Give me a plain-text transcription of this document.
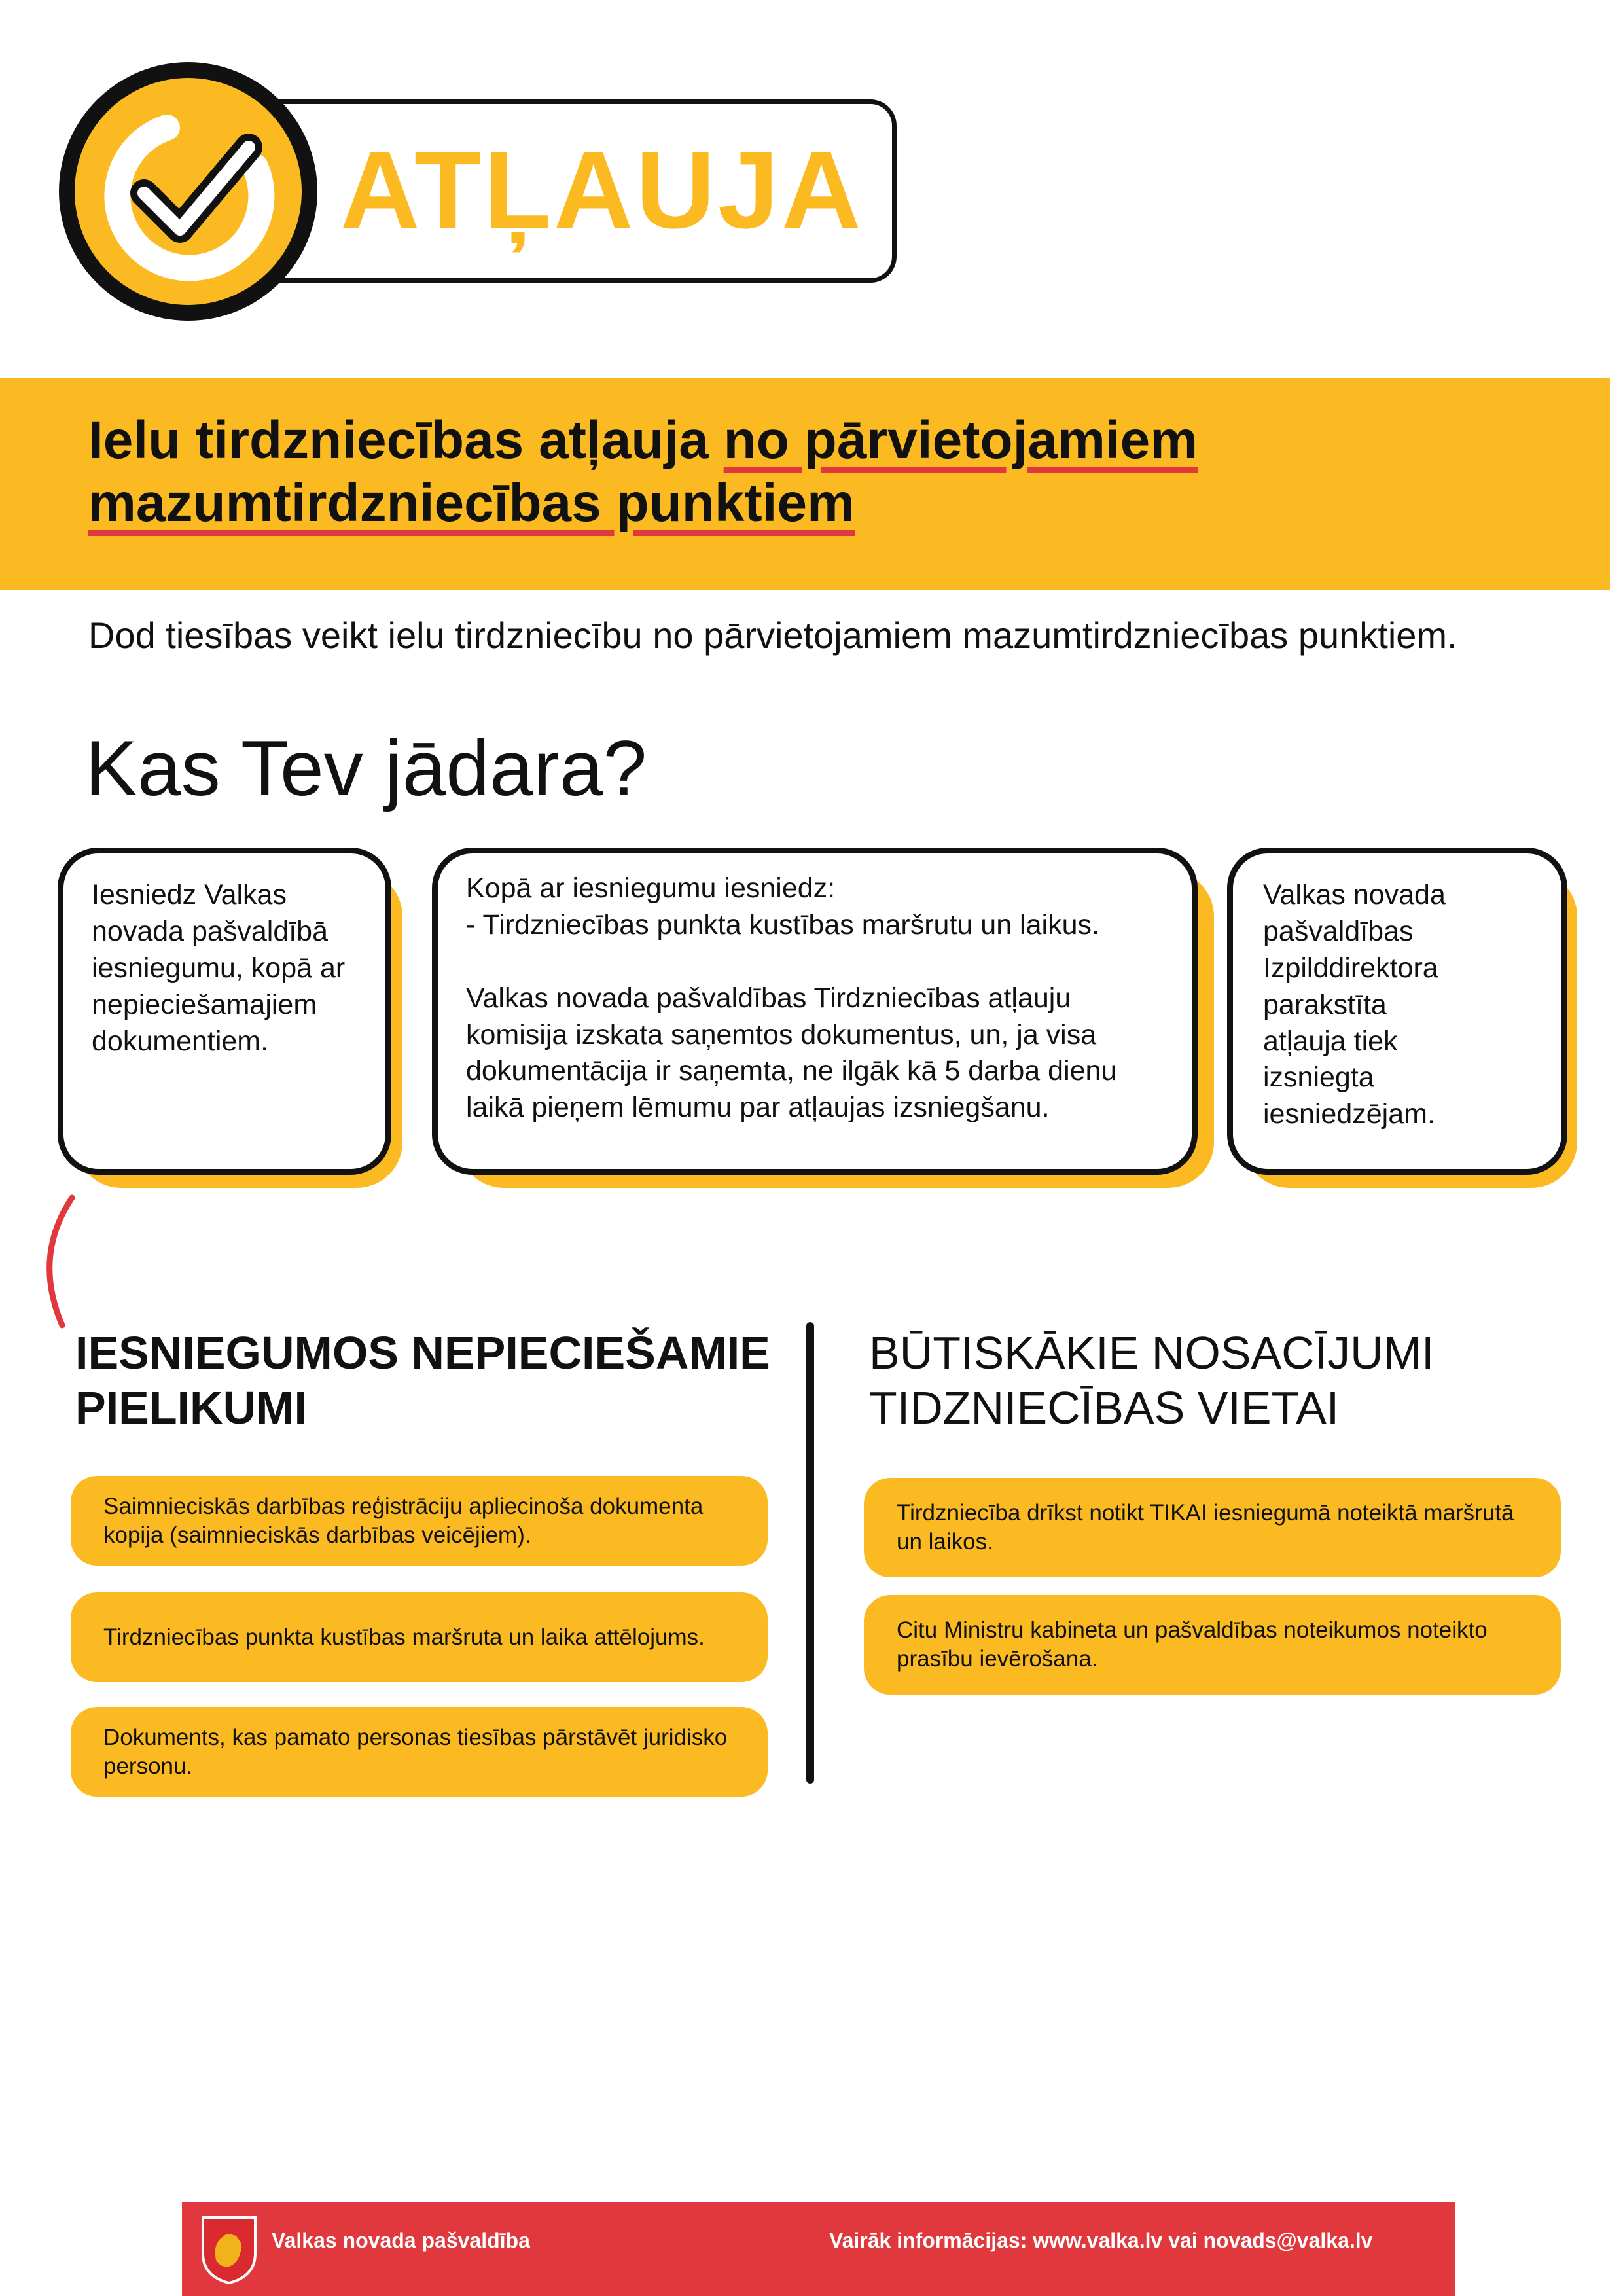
ATĻAUJA
Ielu tirdzniecības atļauja no pārvietojamiem
mazumtirdzniecības punktiem
Dod tiesības veikt ielu tirdzniecību no pārvietojamiem mazumtirdzniecības punktiem.
Kas Tev jādara?
Iesniedz Valkas novada pašvaldībā iesniegumu, kopā ar nepieciešamajiem dokumentiem.
Kopā ar iesniegumu iesniedz:
- Tirdzniecības punkta kustības maršrutu un laikus.

Valkas novada pašvaldības Tirdzniecības atļauju komisija izskata saņemtos dokumentus, un, ja visa dokumentācija ir saņemta, ne ilgāk kā 5 darba dienu laikā pieņem lēmumu par atļaujas izsniegšanu.
Valkas novada pašvaldības Izpilddirektora parakstīta atļauja tiek izsniegta iesniedzējam.
IESNIEGUMOS NEPIECIEŠAMIE PIELIKUMI
Saimnieciskās darbības reģistrāciju apliecinoša dokumenta kopija (saimnieciskās darbības veicējiem).
Tirdzniecības punkta kustības maršruta un laika attēlojums.
Dokuments, kas pamato personas tiesības pārstāvēt juridisko personu.
BŪTISKĀKIE NOSACĪJUMI TIDZNIECĪBAS VIETAI
Tirdzniecība drīkst notikt TIKAI iesniegumā noteiktā maršrutā un laikos.
Citu Ministru kabineta un pašvaldības noteikumos noteikto prasību ievērošana.
Valkas novada pašvaldība	Vairāk informācijas: www.valka.lv vai novads@valka.lv
